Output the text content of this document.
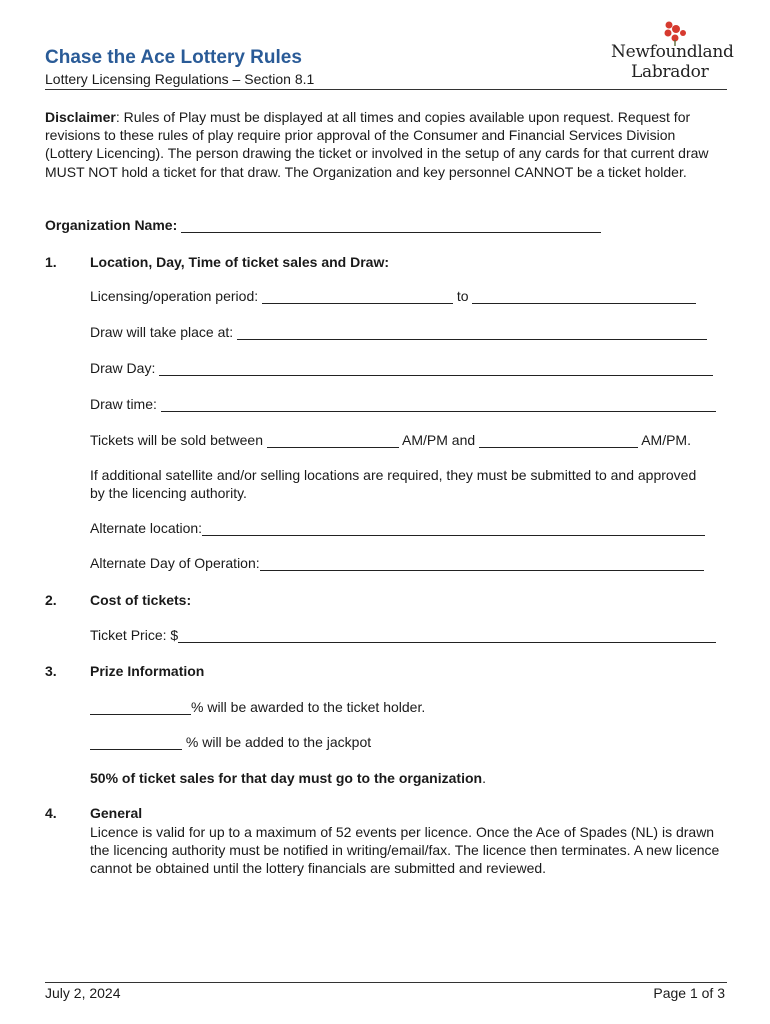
Chase the Ace Lottery Rules
Lottery Licensing Regulations – Section 8.1
Newfoundland
Labrador
Disclaimer: Rules of Play must be displayed at all times and copies available upon request. Request for revisions to these rules of play require prior approval of the Consumer and Financial Services Division (Lottery Licencing). The person drawing the ticket or involved in the setup of any cards for that current draw MUST NOT hold a ticket for that draw. The Organization and key personnel CANNOT be a ticket holder.
Organization Name:
1. Location, Day, Time of ticket sales and Draw:
Licensing/operation period:	to
Draw will take place at:
Draw Day:
Draw time:
Tickets will be sold between	AM/PM and	AM/PM.
If additional satellite and/or selling locations are required, they must be submitted to and approved by the licencing authority.
Alternate location:
Alternate Day of Operation:
2. Cost of tickets:
Ticket Price: $
3. Prize Information
% will be awarded to the ticket holder.
% will be added to the jackpot
50% of ticket sales for that day must go to the organization.
4. General
Licence is valid for up to a maximum of 52 events per licence. Once the Ace of Spades (NL) is drawn the licencing authority must be notified in writing/email/fax. The licence then terminates. A new licence cannot be obtained until the lottery financials are submitted and reviewed.
July 2, 2024	Page 1 of 3
